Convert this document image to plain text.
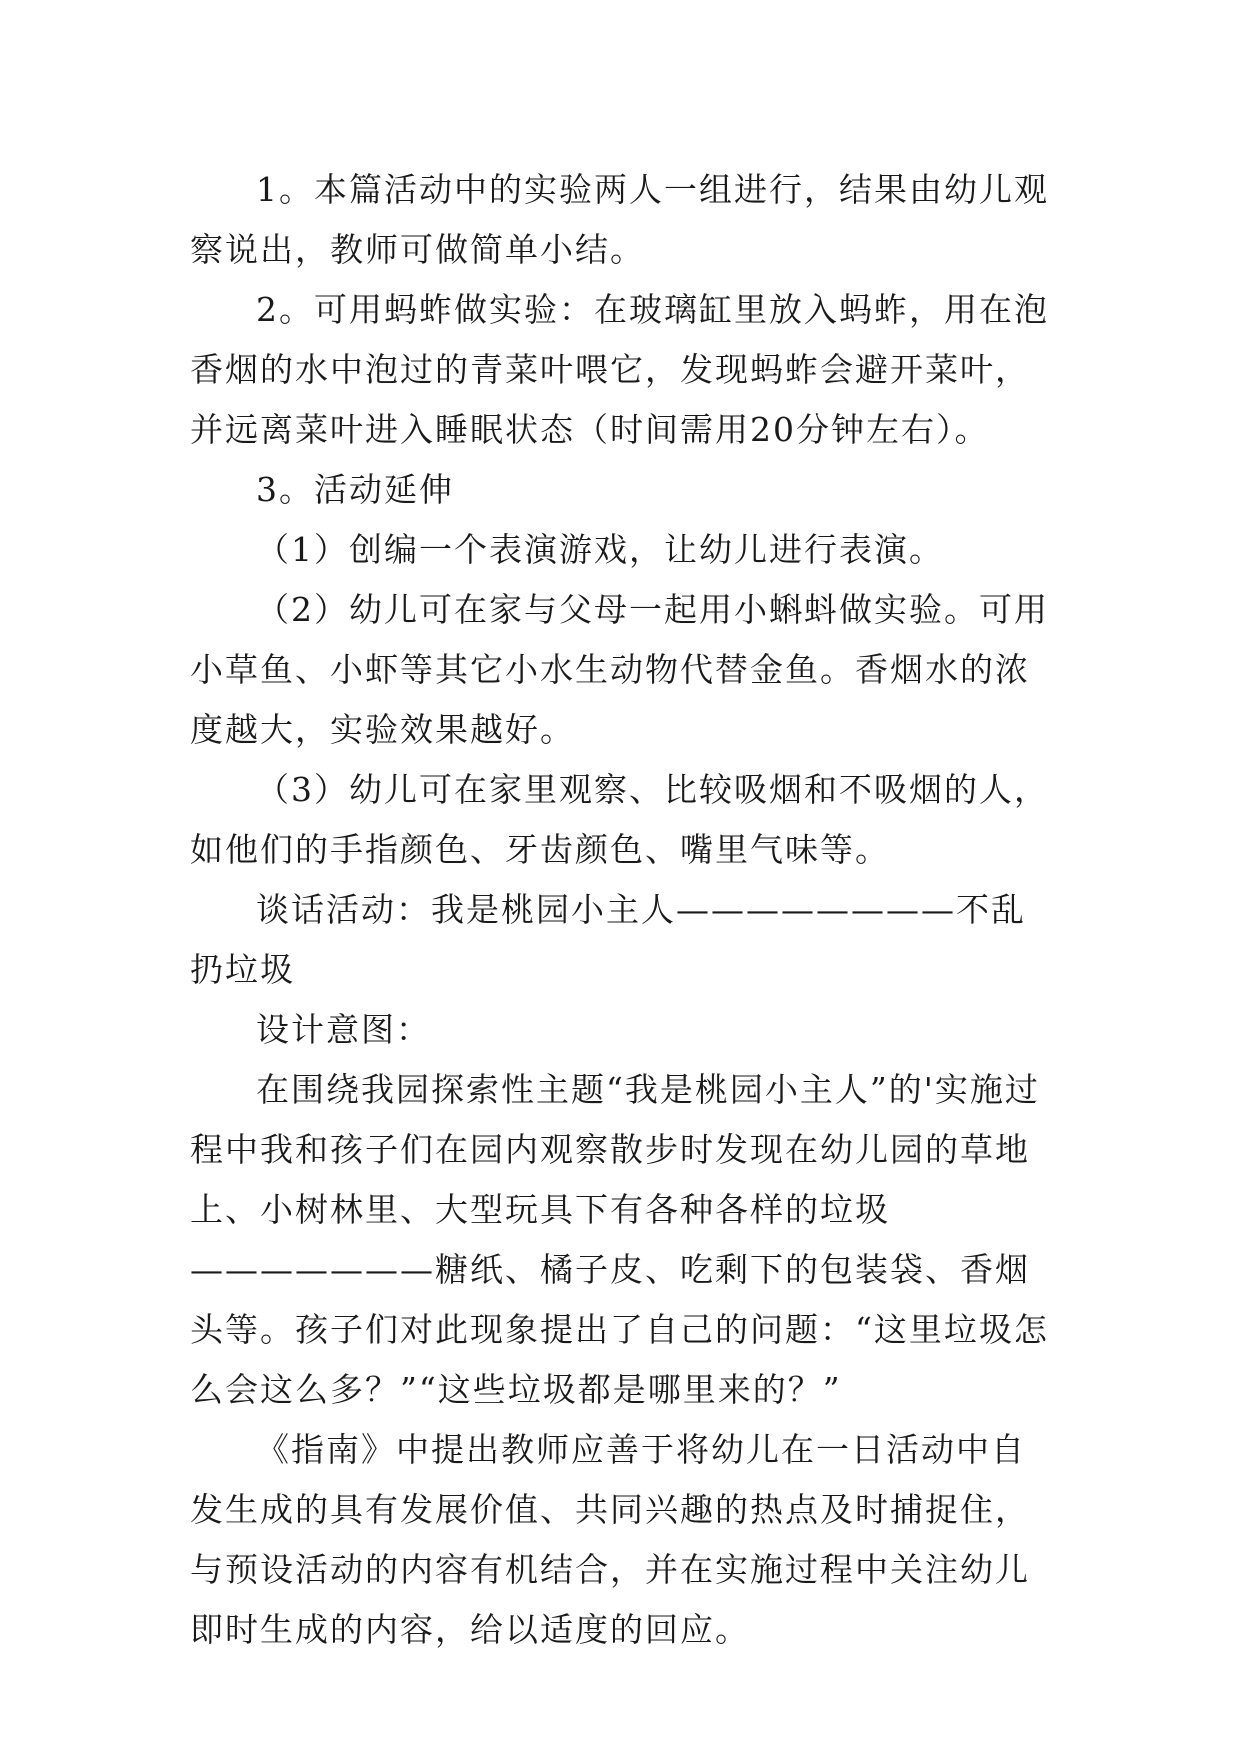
1。本篇活动中的实验两人一组进行，结果由幼儿观察说出，教师可做简单小结。

2。可用蚂蚱做实验：在玻璃缸里放入蚂蚱，用在泡香烟的水中泡过的青菜叶喂它，发现蚂蚱会避开菜叶，并远离菜叶进入睡眠状态（时间需用20分钟左右）。

3。活动延伸

（1）创编一个表演游戏，让幼儿进行表演。

（2）幼儿可在家与父母一起用小蝌蚪做实验。可用小草鱼、小虾等其它小水生动物代替金鱼。香烟水的浓度越大，实验效果越好。

（3）幼儿可在家里观察、比较吸烟和不吸烟的人，如他们的手指颜色、牙齿颜色、嘴里气味等。

谈话活动：我是桃园小主人————————不乱扔垃圾

设计意图：

在围绕我园探索性主题“我是桃园小主人”的'实施过程中我和孩子们在园内观察散步时发现在幼儿园的草地上、小树林里、大型玩具下有各种各样的垃圾———————糖纸、橘子皮、吃剩下的包装袋、香烟头等。孩子们对此现象提出了自己的问题：“这里垃圾怎么会这么多？”“这些垃圾都是哪里来的？”

《指南》中提出教师应善于将幼儿在一日活动中自发生成的具有发展价值、共同兴趣的热点及时捕捉住，与预设活动的内容有机结合，并在实施过程中关注幼儿即时生成的内容，给以适度的回应。
